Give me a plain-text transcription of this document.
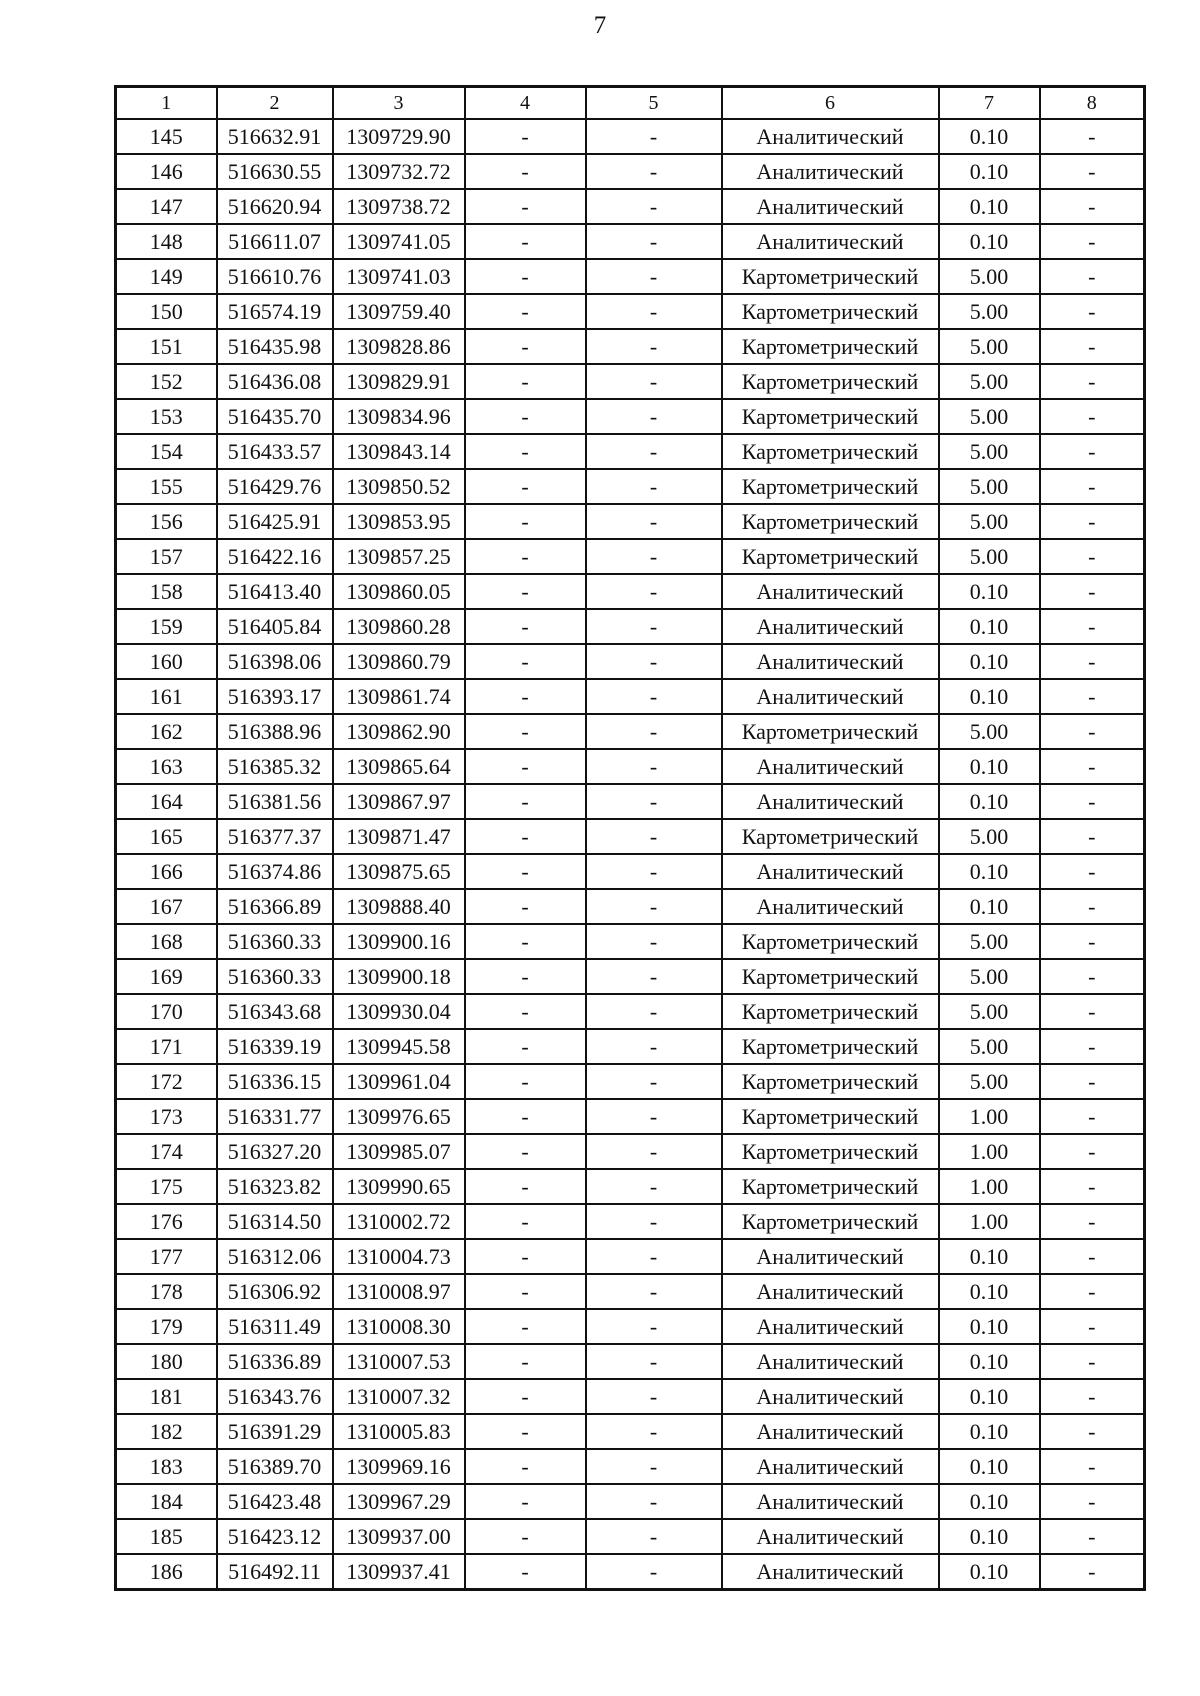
7
1	2	3	4	5	6	7	8
145	516632.91	1309729.90	-	-	Аналитический	0.10	-
146	516630.55	1309732.72	-	-	Аналитический	0.10	-
147	516620.94	1309738.72	-	-	Аналитический	0.10	-
148	516611.07	1309741.05	-	-	Аналитический	0.10	-
149	516610.76	1309741.03	-	-	Картометрический	5.00	-
150	516574.19	1309759.40	-	-	Картометрический	5.00	-
151	516435.98	1309828.86	-	-	Картометрический	5.00	-
152	516436.08	1309829.91	-	-	Картометрический	5.00	-
153	516435.70	1309834.96	-	-	Картометрический	5.00	-
154	516433.57	1309843.14	-	-	Картометрический	5.00	-
155	516429.76	1309850.52	-	-	Картометрический	5.00	-
156	516425.91	1309853.95	-	-	Картометрический	5.00	-
157	516422.16	1309857.25	-	-	Картометрический	5.00	-
158	516413.40	1309860.05	-	-	Аналитический	0.10	-
159	516405.84	1309860.28	-	-	Аналитический	0.10	-
160	516398.06	1309860.79	-	-	Аналитический	0.10	-
161	516393.17	1309861.74	-	-	Аналитический	0.10	-
162	516388.96	1309862.90	-	-	Картометрический	5.00	-
163	516385.32	1309865.64	-	-	Аналитический	0.10	-
164	516381.56	1309867.97	-	-	Аналитический	0.10	-
165	516377.37	1309871.47	-	-	Картометрический	5.00	-
166	516374.86	1309875.65	-	-	Аналитический	0.10	-
167	516366.89	1309888.40	-	-	Аналитический	0.10	-
168	516360.33	1309900.16	-	-	Картометрический	5.00	-
169	516360.33	1309900.18	-	-	Картометрический	5.00	-
170	516343.68	1309930.04	-	-	Картометрический	5.00	-
171	516339.19	1309945.58	-	-	Картометрический	5.00	-
172	516336.15	1309961.04	-	-	Картометрический	5.00	-
173	516331.77	1309976.65	-	-	Картометрический	1.00	-
174	516327.20	1309985.07	-	-	Картометрический	1.00	-
175	516323.82	1309990.65	-	-	Картометрический	1.00	-
176	516314.50	1310002.72	-	-	Картометрический	1.00	-
177	516312.06	1310004.73	-	-	Аналитический	0.10	-
178	516306.92	1310008.97	-	-	Аналитический	0.10	-
179	516311.49	1310008.30	-	-	Аналитический	0.10	-
180	516336.89	1310007.53	-	-	Аналитический	0.10	-
181	516343.76	1310007.32	-	-	Аналитический	0.10	-
182	516391.29	1310005.83	-	-	Аналитический	0.10	-
183	516389.70	1309969.16	-	-	Аналитический	0.10	-
184	516423.48	1309967.29	-	-	Аналитический	0.10	-
185	516423.12	1309937.00	-	-	Аналитический	0.10	-
186	516492.11	1309937.41	-	-	Аналитический	0.10	-
